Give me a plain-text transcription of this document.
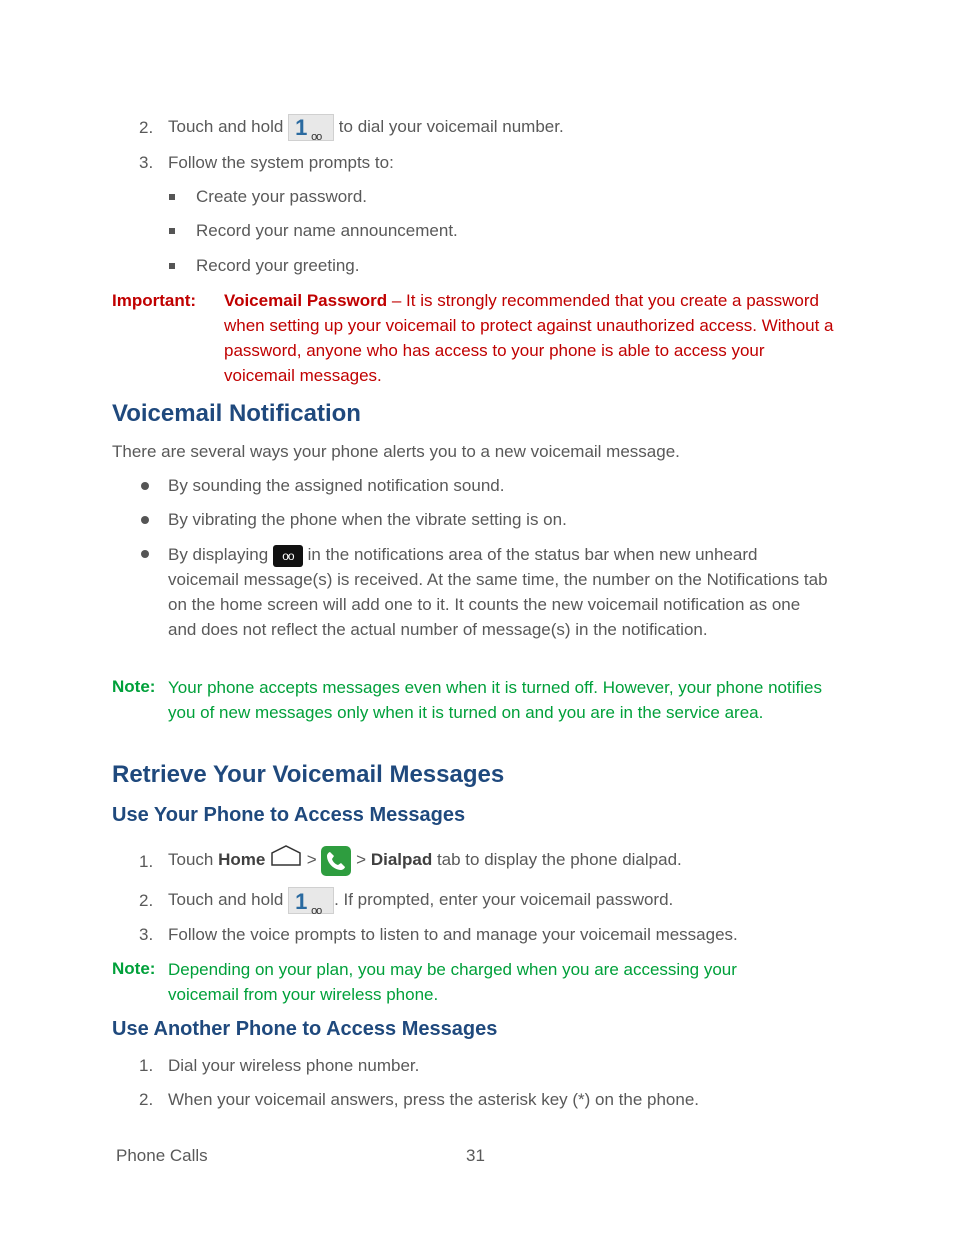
2. Touch and hold 1 oo
to dial your voicemail number.
3. Follow the system prompts to:
Create your password.
Record your name announcement.
Record your greeting.
Important: Voicemail Password – It is strongly recommended that you create a password when setting up your voicemail to protect against unauthorized access. Without a password, anyone who has access to your phone is able to access your voicemail messages.
Voicemail Notification
There are several ways your phone alerts you to a new voicemail message.
By sounding the assigned notification sound.
By vibrating the phone when the vibrate setting is on.
By displaying oo in the notifications area of the status bar when new unheard voicemail message(s) is received. At the same time, the number on the Notifications tab on the home screen will add one to it. It counts the new voicemail notification as one and does not reflect the actual number of message(s) in the notification.
Note: Your phone accepts messages even when it is turned off. However, your phone notifies you of new messages only when it is turned on and you are in the service area.
Retrieve Your Voicemail Messages
Use Your Phone to Access Messages
1. Touch Home  >  > Dialpad tab to display the phone dialpad.
2. Touch and hold 1 oo
. If prompted, enter your voicemail password.
3. Follow the voice prompts to listen to and manage your voicemail messages.
Note: Depending on your plan, you may be charged when you are accessing your voicemail from your wireless phone.
Use Another Phone to Access Messages
1. Dial your wireless phone number.
2. When your voicemail answers, press the asterisk key (*) on the phone.
Phone Calls	31
